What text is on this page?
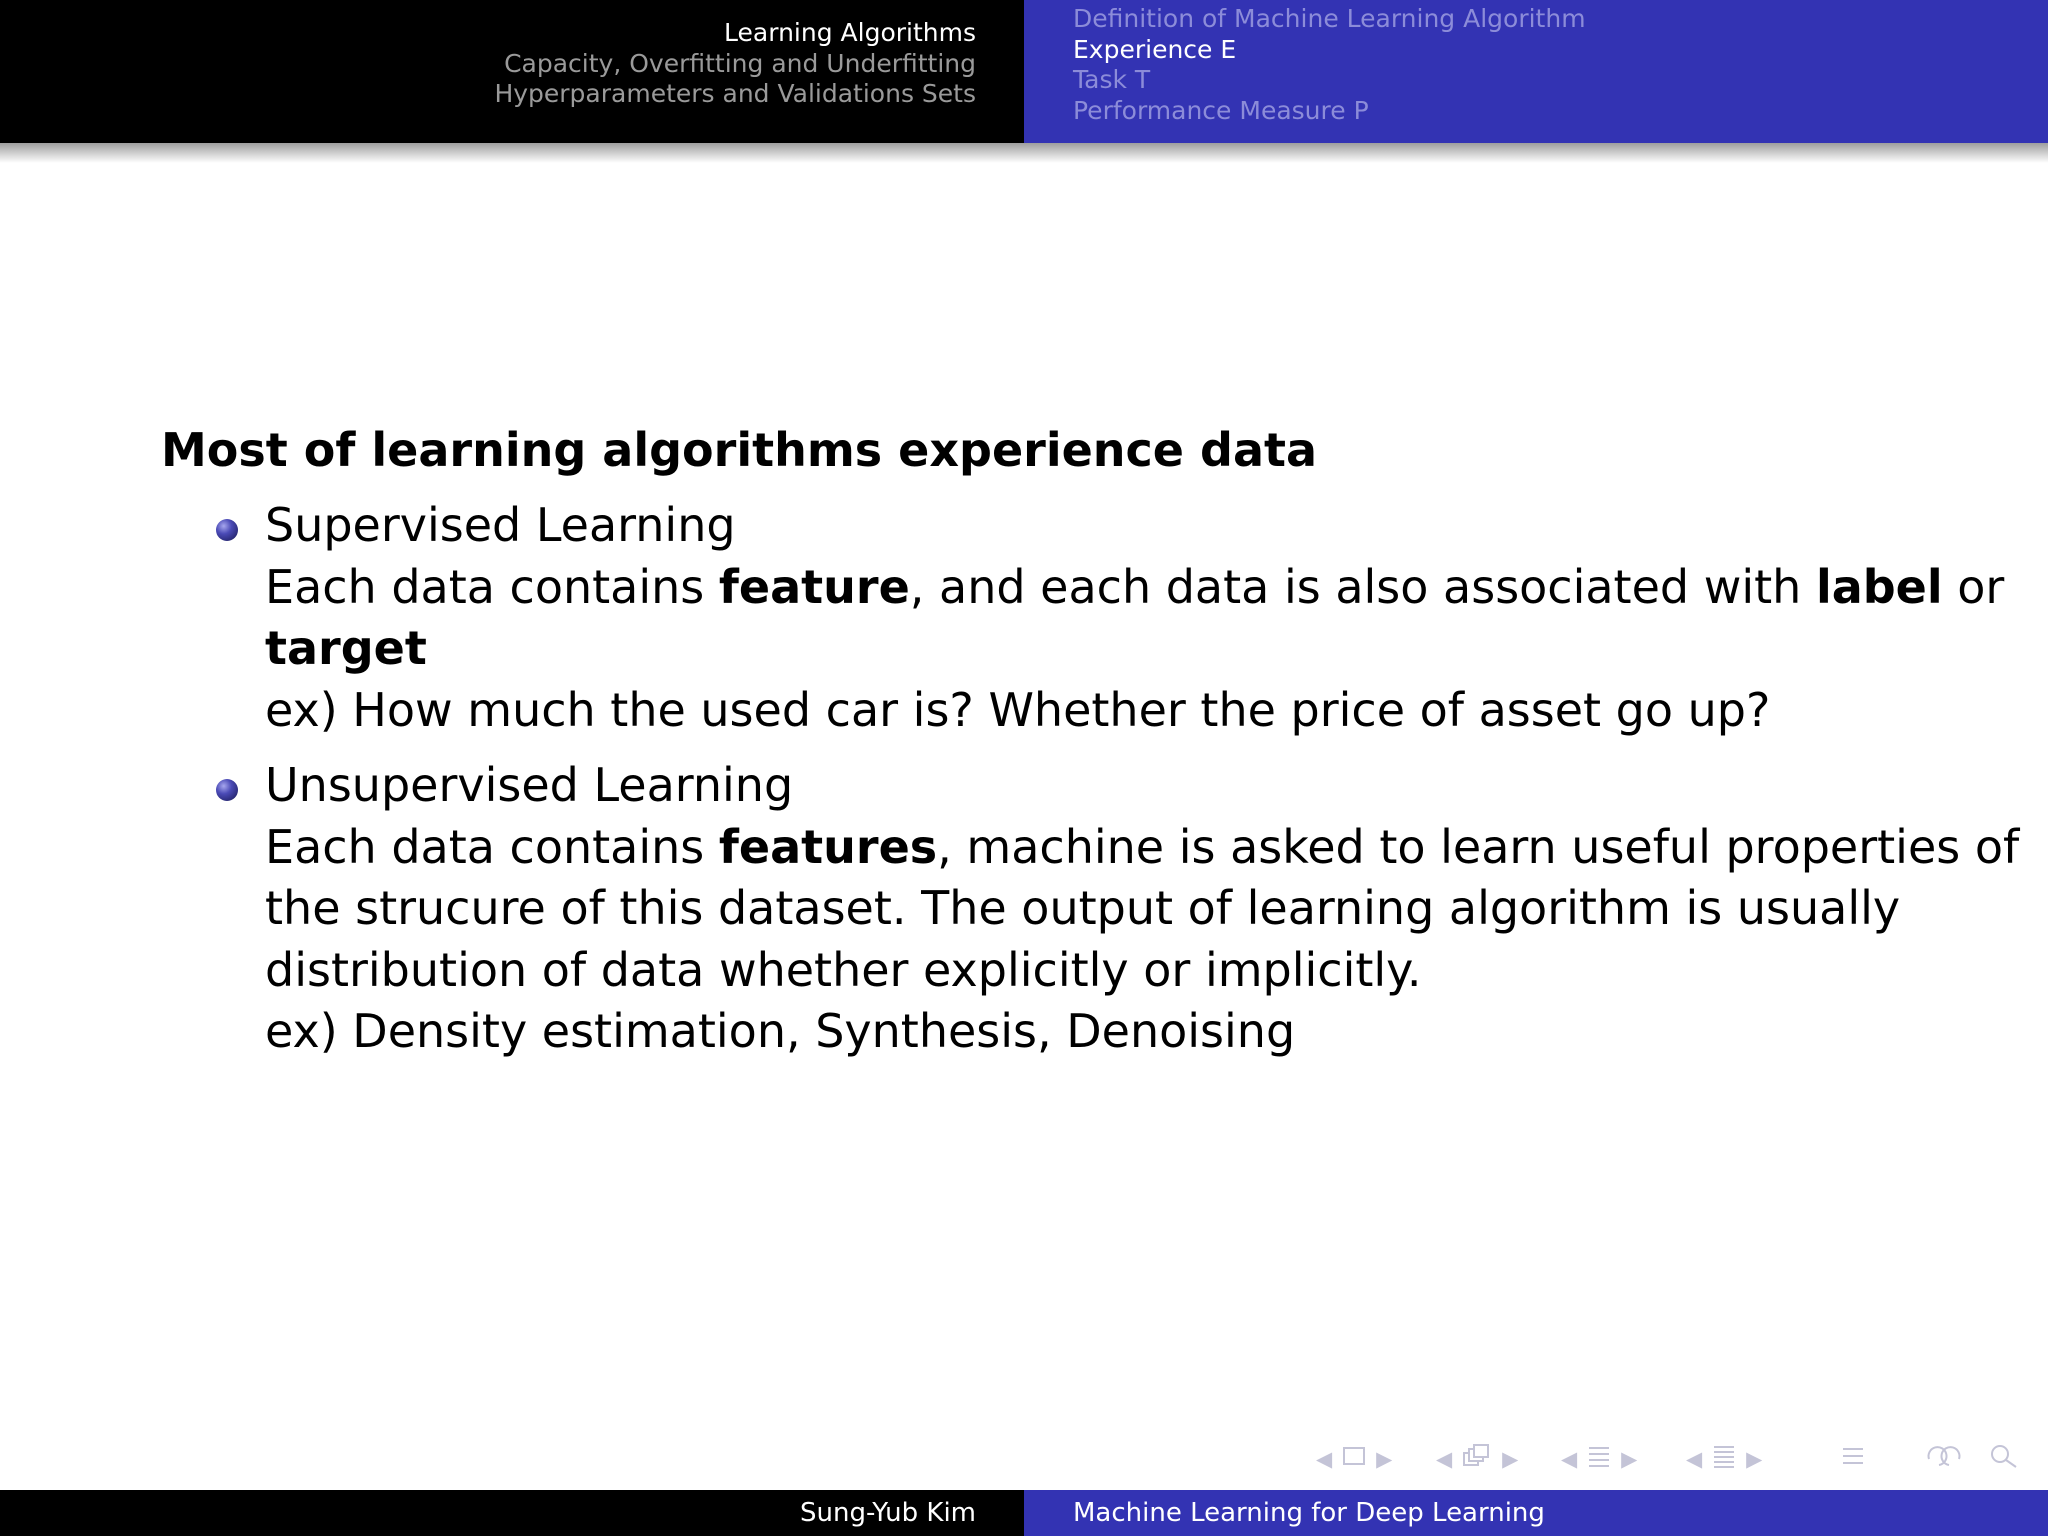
Learning Algorithms
Capacity, Overfitting and Underfitting
Hyperparameters and Validations Sets
Definition of Machine Learning Algorithm
Experience E
Task T
Performance Measure P
Most of learning algorithms experience data
Supervised Learning
Each data contains feature, and each data is also associated with label or
target
ex) How much the used car is? Whether the price of asset go up?
Unsupervised Learning
Each data contains features, machine is asked to learn useful properties of
the strucure of this dataset. The output of learning algorithm is usually
distribution of data whether explicitly or implicitly.
ex) Density estimation, Synthesis, Denoising
◀ ▶ ◀ ▶ ◀ ▶ ◀ ▶
Sung-Yub Kim	Machine Learning for Deep Learning
